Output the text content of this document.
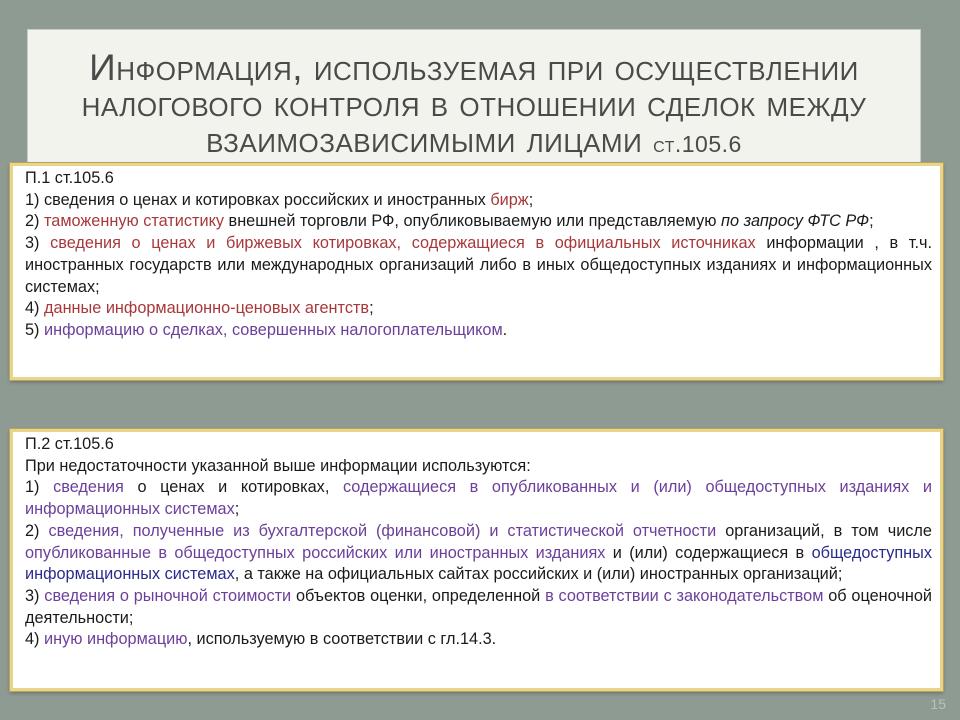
Информация, используемая при осуществлении налогового контроля в отношении сделок между взаимозависимыми лицами ст.105.6
П.1 ст.105.6
1) сведения о ценах и котировках российских и иностранных бирж;
2) таможенную статистику внешней торговли РФ, опубликовываемую или представляемую по запросу ФТС РФ;
3) сведения о ценах и биржевых котировках, содержащиеся в официальных источниках информации , в т.ч. иностранных государств или международных организаций либо в иных общедоступных изданиях и информационных системах;
4) данные информационно-ценовых агентств;
5) информацию о сделках, совершенных налогоплательщиком.
П.2 ст.105.6
При недостаточности указанной выше информации используются:
1) сведения о ценах и котировках, содержащиеся в опубликованных и (или) общедоступных изданиях и информационных системах;
2) сведения, полученные из бухгалтерской (финансовой) и статистической отчетности организаций, в том числе опубликованные в общедоступных российских или иностранных изданиях и (или) содержащиеся в общедоступных информационных системах, а также на официальных сайтах российских и (или) иностранных организаций;
3) сведения о рыночной стоимости объектов оценки, определенной в соответствии с законодательством об оценочной деятельности;
4) иную информацию, используемую в соответствии с гл.14.3.
15
